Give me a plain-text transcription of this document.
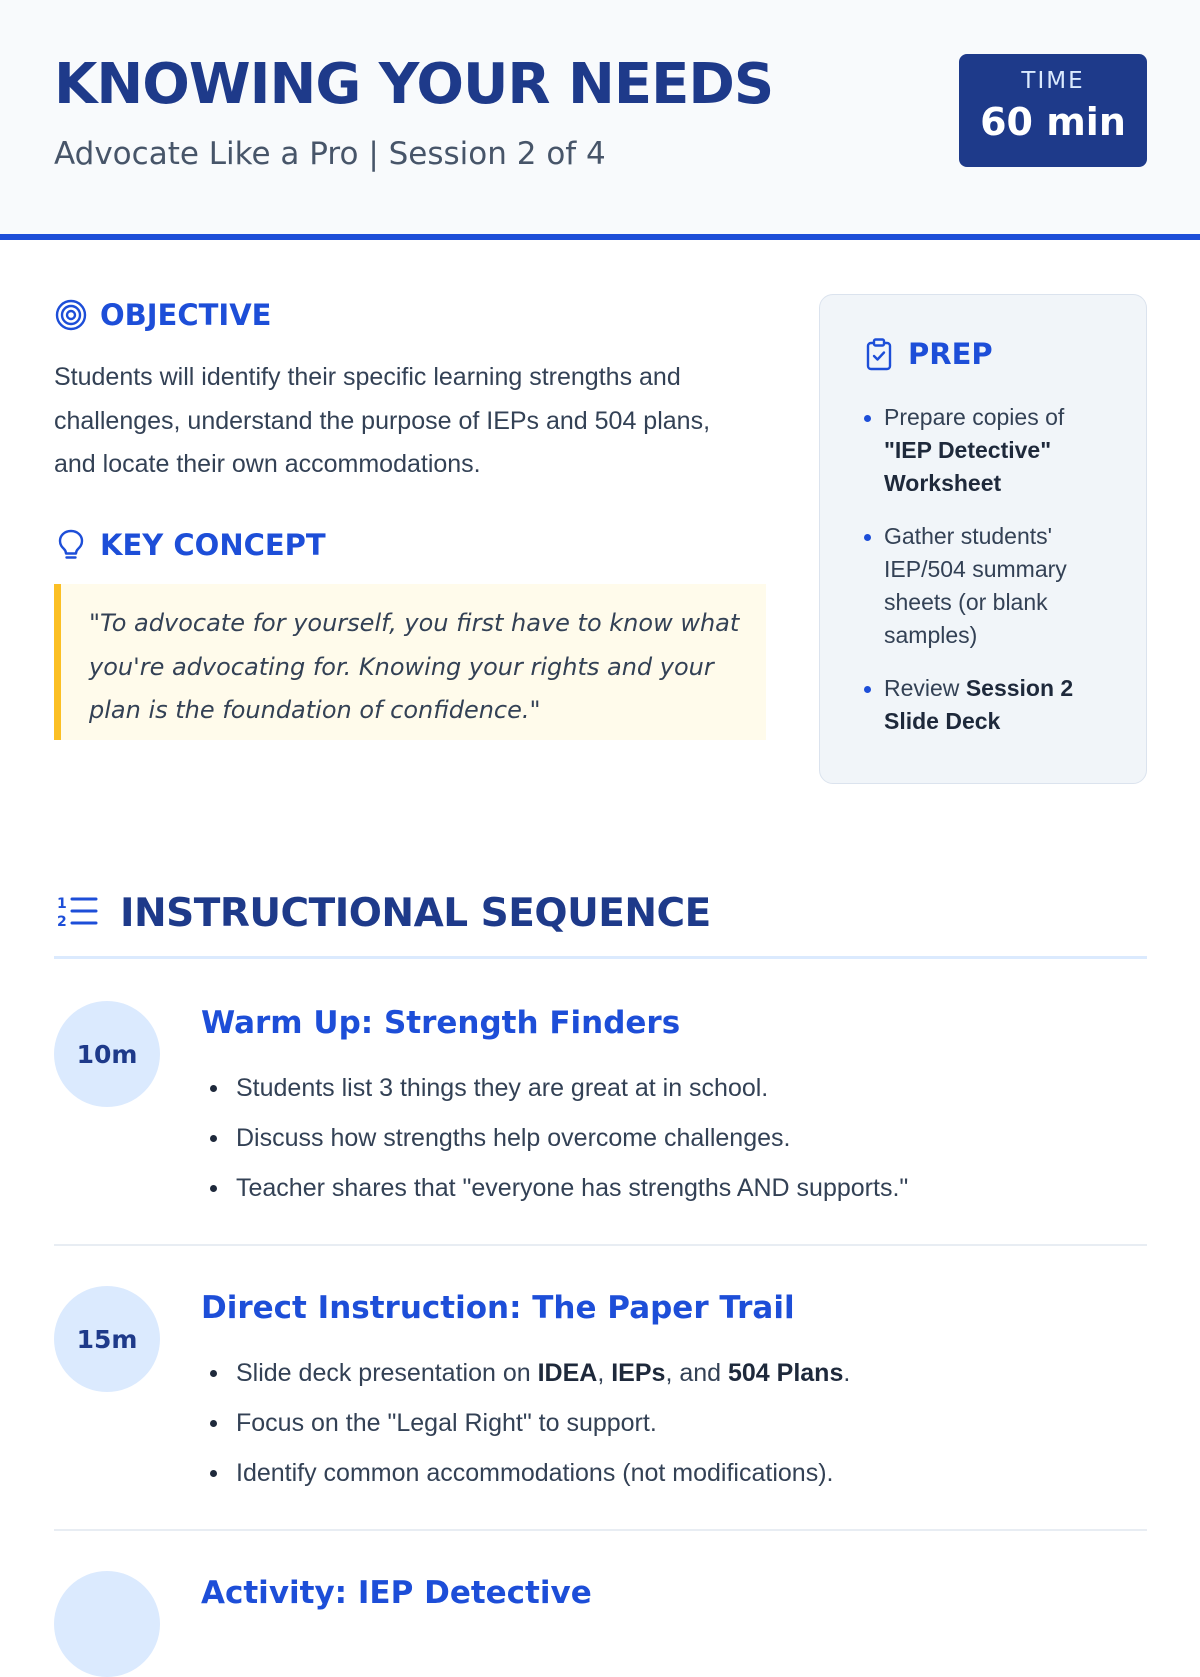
KNOWING YOUR NEEDS
Advocate Like a Pro | Session 2 of 4
TIME
60 min
OBJECTIVE
Students will identify their specific learning strengths and challenges, understand the purpose of IEPs and 504 plans, and locate their own accommodations.
KEY CONCEPT
"To advocate for yourself, you first have to know what you're advocating for. Knowing your rights and your plan is the foundation of confidence."
PREP
Prepare copies of "IEP Detective" Worksheet
Gather students' IEP/504 summary sheets (or blank samples)
Review Session 2 Slide Deck
1
2 INSTRUCTIONAL SEQUENCE
10m
Warm Up: Strength Finders
Students list 3 things they are great at in school.
Discuss how strengths help overcome challenges.
Teacher shares that "everyone has strengths AND supports."
15m
Direct Instruction: The Paper Trail
Slide deck presentation on IDEA, IEPs, and 504 Plans.
Focus on the "Legal Right" to support.
Identify common accommodations (not modifications).
Activity: IEP Detective
